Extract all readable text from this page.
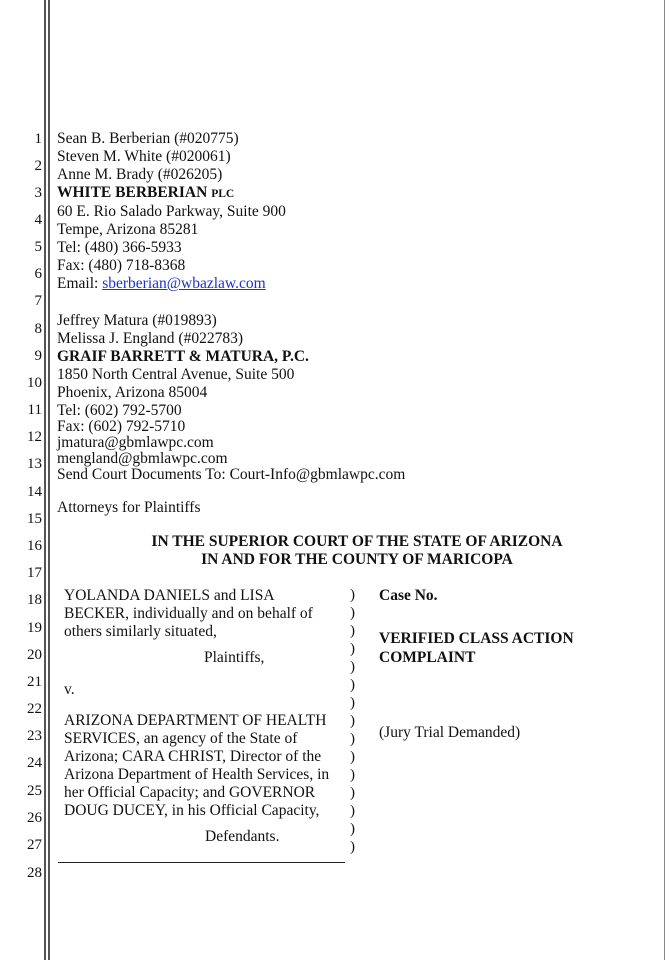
1
2
3
4
5
6
7
8
9
10
11
12
13
14
15
16
17
18
19
20
21
22
23
24
25
26
27
28
Sean B. Berberian (#020775)
Steven M. White (#020061)
Anne M. Brady (#026205)
WHITE BERBERIAN PLC
60 E. Rio Salado Parkway, Suite 900
Tempe, Arizona 85281
Tel: (480) 366-5933
Fax: (480) 718-8368
Email: sberberian@wbazlaw.com
Jeffrey Matura (#019893)
Melissa J. England (#022783)
GRAIF BARRETT & MATURA, P.C.
1850 North Central Avenue, Suite 500
Phoenix, Arizona 85004
Tel: (602) 792-5700
Fax: (602) 792-5710
jmatura@gbmlawpc.com
mengland@gbmlawpc.com
Send Court Documents To: Court-Info@gbmlawpc.com
Attorneys for Plaintiffs
IN THE SUPERIOR COURT OF THE STATE OF ARIZONA
IN AND FOR THE COUNTY OF MARICOPA
YOLANDA DANIELS and LISA
BECKER, individually and on behalf of
others similarly situated,
Plaintiffs,
v.
ARIZONA DEPARTMENT OF HEALTH
SERVICES, an agency of the State of
Arizona; CARA CHRIST, Director of the
Arizona Department of Health Services, in
her Official Capacity; and GOVERNOR
DOUG DUCEY, in his Official Capacity,
Defendants.
)
)
)
)
)
)
)
)
)
)
)
)
)
)
)
Case No.
VERIFIED CLASS ACTION
COMPLAINT
(Jury Trial Demanded)
